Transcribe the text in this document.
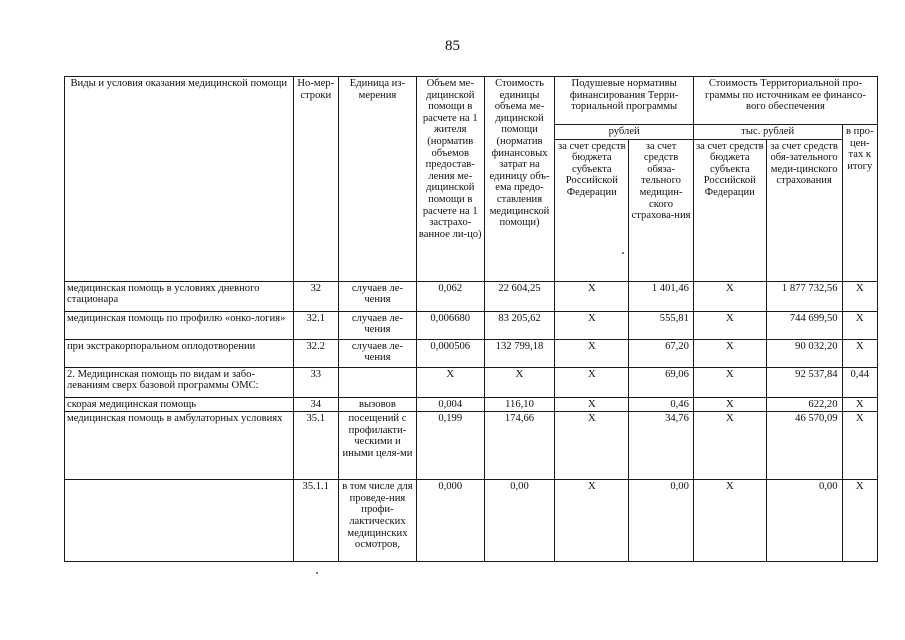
85
Виды и условия оказания медицинской помощи	Но-мер-строки	Единица из-мерения	Объем ме-дицинской помощи в расчете на 1 жителя (норматив объемов предостав-ления ме-дицинской помощи в расчете на 1 застрахо-ванное ли-цо)	Стоимость единицы объема ме-дицинской помощи (норматив финансовых затрат на единицу объ-ема предо-ставления медицинской помощи)	Подушевые нормативы финансирования Терри-ториальной программы		Стоимость Территориальной про-граммы по источникам ее финансо-вого обеспечения		
					рублей		тыс. рублей		в про-цен-тах к итогу
					за счет средств бюджета субъекта Российской Федерации	за счет средств обяза-тельного медицин-ского страхова-ния	за счет средств бюджета субъекта Российской Федерации	за счет средств обя-зательного меди-цинского страхования	
медицинская помощь в условиях дневного стационара	32	случаев ле-чения	0,062	22 604,25	Х	1 401,46	Х	1 877 732,56	Х
медицинская помощь по профилю «онко-логия»	32.1	случаев ле-чения	0,006680	83 205,62	Х	555,81	Х	744 699,50	Х
при экстракорпоральном оплодотворении	32.2	случаев ле-чения	0,000506	132 799,18	Х	67,20	Х	90 032,20	Х
2. Медицинская помощь по видам и забо-леваниям сверх базовой программы ОМС:	33		Х	Х	Х	69,06	Х	92 537,84	0,44
скорая медицинская помощь	34	вызовов	0,004	116,10	Х	0,46	Х	622,20	Х
медицинская помощь в амбулаторных условиях	35.1	посещений с профилакти-ческими и иными целя-ми	0,199	174,66	Х	34,76	Х	46 570,09	Х
	35.1.1	в том числе для проведе-ния профи-лактических медицинских осмотров,	0,000	0,00	Х	0,00	Х	0,00	Х
